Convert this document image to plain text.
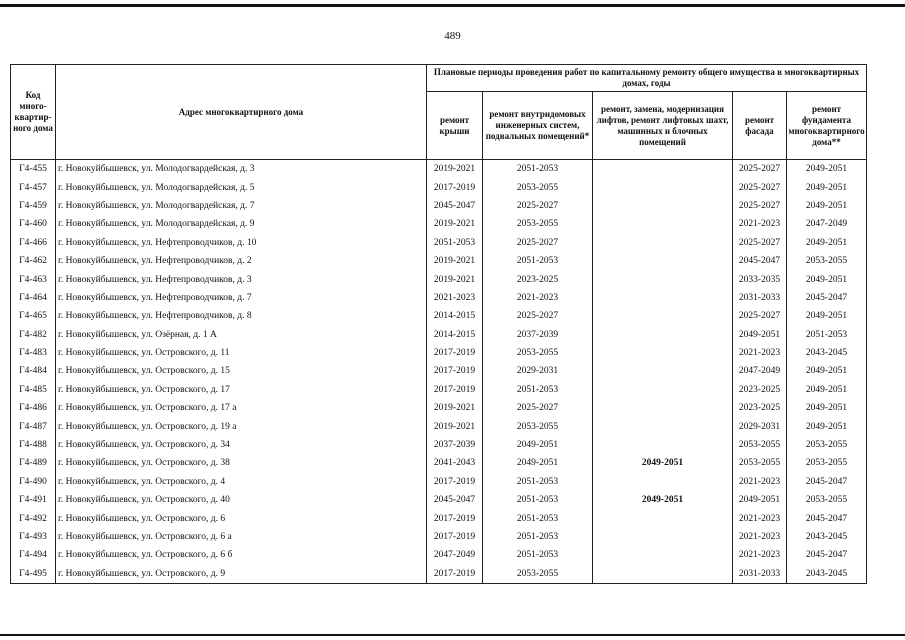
489
Код много-квартир-ного дома	Адрес многоквартирного дома	Плановые периоды проведения работ по капитальному ремонту общего имущества в многоквартирных домах, годы				
		ремонт крыши	ремонт внутридомовых инженерных систем, подвальных помещений*	ремонт, замена, модернизация лифтов, ремонт лифтовых шахт, машинных и блочных помещений	ремонт фасада	ремонт фундамента многоквартирного дома**
Г4-455	г. Новокуйбышевск, ул. Молодогвардейская, д. 3	2019-2021	2051-2053		2025-2027	2049-2051
Г4-457	г. Новокуйбышевск, ул. Молодогвардейская, д. 5	2017-2019	2053-2055		2025-2027	2049-2051
Г4-459	г. Новокуйбышевск, ул. Молодогвардейская, д. 7	2045-2047	2025-2027		2025-2027	2049-2051
Г4-460	г. Новокуйбышевск, ул. Молодогвардейская, д. 9	2019-2021	2053-2055		2021-2023	2047-2049
Г4-466	г. Новокуйбышевск, ул. Нефтепроводчиков, д. 10	2051-2053	2025-2027		2025-2027	2049-2051
Г4-462	г. Новокуйбышевск, ул. Нефтепроводчиков, д. 2	2019-2021	2051-2053		2045-2047	2053-2055
Г4-463	г. Новокуйбышевск, ул. Нефтепроводчиков, д. 3	2019-2021	2023-2025		2033-2035	2049-2051
Г4-464	г. Новокуйбышевск, ул. Нефтепроводчиков, д. 7	2021-2023	2021-2023		2031-2033	2045-2047
Г4-465	г. Новокуйбышевск, ул. Нефтепроводчиков, д. 8	2014-2015	2025-2027		2025-2027	2049-2051
Г4-482	г. Новокуйбышевск, ул. Озёрная, д. 1 А	2014-2015	2037-2039		2049-2051	2051-2053
Г4-483	г. Новокуйбышевск, ул. Островского, д. 11	2017-2019	2053-2055		2021-2023	2043-2045
Г4-484	г. Новокуйбышевск, ул. Островского, д. 15	2017-2019	2029-2031		2047-2049	2049-2051
Г4-485	г. Новокуйбышевск, ул. Островского, д. 17	2017-2019	2051-2053		2023-2025	2049-2051
Г4-486	г. Новокуйбышевск, ул. Островского, д. 17 а	2019-2021	2025-2027		2023-2025	2049-2051
Г4-487	г. Новокуйбышевск, ул. Островского, д. 19 а	2019-2021	2053-2055		2029-2031	2049-2051
Г4-488	г. Новокуйбышевск, ул. Островского, д. 34	2037-2039	2049-2051		2053-2055	2053-2055
Г4-489	г. Новокуйбышевск, ул. Островского, д. 38	2041-2043	2049-2051	2049-2051	2053-2055	2053-2055
Г4-490	г. Новокуйбышевск, ул. Островского, д. 4	2017-2019	2051-2053		2021-2023	2045-2047
Г4-491	г. Новокуйбышевск, ул. Островского, д. 40	2045-2047	2051-2053	2049-2051	2049-2051	2053-2055
Г4-492	г. Новокуйбышевск, ул. Островского, д. 6	2017-2019	2051-2053		2021-2023	2045-2047
Г4-493	г. Новокуйбышевск, ул. Островского, д. 6 а	2017-2019	2051-2053		2021-2023	2043-2045
Г4-494	г. Новокуйбышевск, ул. Островского, д. 6 б	2047-2049	2051-2053		2021-2023	2045-2047
Г4-495	г. Новокуйбышевск, ул. Островского, д. 9	2017-2019	2053-2055		2031-2033	2043-2045
